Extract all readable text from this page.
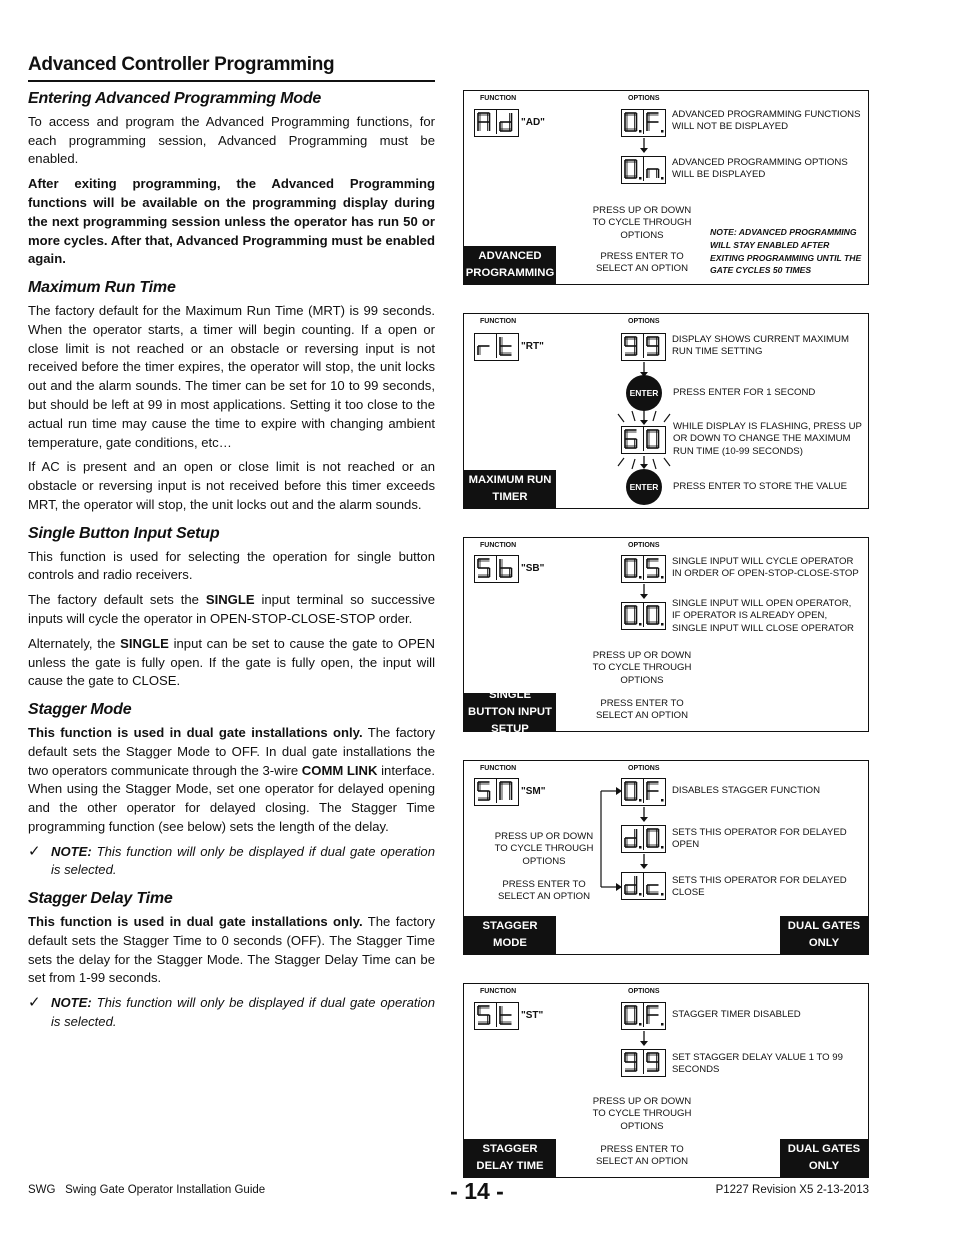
Advanced Controller Programming
Entering Advanced Programming Mode

To access and program the Advanced Programming functions, for each programming session, Advanced Programming must be enabled.

After exiting programming, the Advanced Programming functions will be available on the programming display during the next programming session unless the operator has run 50 or more cycles. After that, Advanced Programming must be enabled again.

Maximum Run Time

The factory default for the Maximum Run Time (MRT) is 99 seconds. When the operator starts, a timer will begin counting. If a open or close limit is not reached or an obstacle or reversing input is not received before the timer expires, the operator will stop, the unit locks out and the alarm sounds. The timer can be set for 10 to 99 seconds, but should be left at 99 in most applications. Setting it too close to the actual run time may cause the time to expire with changing ambient temperature, gate conditions, etc…

If AC is present and an open or close limit is not reached or an obstacle or reversing input is not received before this timer exceeds MRT, the operator will stop, the unit locks out and the alarm sounds.

Single Button Input Setup

This function is used for selecting the operation for single button controls and radio receivers.

The factory default sets the SINGLE input terminal so successive inputs will cycle the operator in OPEN-STOP-CLOSE-STOP order.

Alternately, the SINGLE input can be set to cause the gate to OPEN unless the gate is fully open. If the gate is fully open, the input will cause the gate to CLOSE.

Stagger Mode

This function is used in dual gate installations only. The factory default sets the Stagger Mode to OFF. In dual gate installations the two operators communicate through the 3-wire COMM LINK interface. When using the Stagger Mode, set one operator for delayed opening and the other operator for delayed closing. The Stagger Time programming function (see below) sets the length of the delay.

✓ NOTE: This function will only be displayed if dual gate operation is selected.
Stagger Delay Time

This function is used in dual gate installations only. The factory default sets the Stagger Time to 0 seconds (OFF). The Stagger Time sets the delay for the Stagger Mode. The Stagger Delay Time can be set from 1-99 seconds.

✓ NOTE: This function will only be displayed if dual gate operation is selected.
FUNCTION	OPTIONS
"AD"
ADVANCED PROGRAMMING FUNCTIONS WILL NOT BE DISPLAYED
ADVANCED PROGRAMMING OPTIONS WILL BE DISPLAYED
PRESS UP OR DOWN TO CYCLE THROUGH OPTIONS
PRESS ENTER TO SELECT AN OPTION
NOTE: ADVANCED PROGRAMMING WILL STAY ENABLED AFTER EXITING PROGRAMMING UNTIL THE GATE CYCLES 50 TIMES
ADVANCED PROGRAMMING
FUNCTION	OPTIONS
"RT"
DISPLAY SHOWS CURRENT MAXIMUM RUN TIME SETTING
ENTER	PRESS ENTER FOR 1 SECOND
WHILE DISPLAY IS FLASHING, PRESS UP OR DOWN TO CHANGE THE MAXIMUM RUN TIME (10-99 SECONDS)
ENTER	PRESS ENTER TO STORE THE VALUE
MAXIMUM RUN TIMER
FUNCTION	OPTIONS
"SB"
SINGLE INPUT WILL CYCLE OPERATOR IN ORDER OF OPEN-STOP-CLOSE-STOP
SINGLE INPUT WILL OPEN OPERATOR, IF OPERATOR IS ALREADY OPEN, SINGLE INPUT WILL CLOSE OPERATOR
PRESS UP OR DOWN TO CYCLE THROUGH OPTIONS
PRESS ENTER TO SELECT AN OPTION
SINGLE BUTTON INPUT SETUP
FUNCTION	OPTIONS
"SM"	DISABLES STAGGER FUNCTION
SETS THIS OPERATOR FOR DELAYED OPEN
SETS THIS OPERATOR FOR DELAYED CLOSE
PRESS UP OR DOWN TO CYCLE THROUGH OPTIONS
PRESS ENTER TO SELECT AN OPTION
STAGGER MODE
DUAL GATES ONLY
FUNCTION	OPTIONS
"ST"	STAGGER TIMER DISABLED
SET STAGGER DELAY VALUE 1 TO 99 SECONDS
PRESS UP OR DOWN TO CYCLE THROUGH OPTIONS
PRESS ENTER TO SELECT AN OPTION
STAGGER DELAY TIME
DUAL GATES ONLY
SWG Swing Gate Operator Installation Guide	- 14 -	P1227 Revision X5 2-13-2013
